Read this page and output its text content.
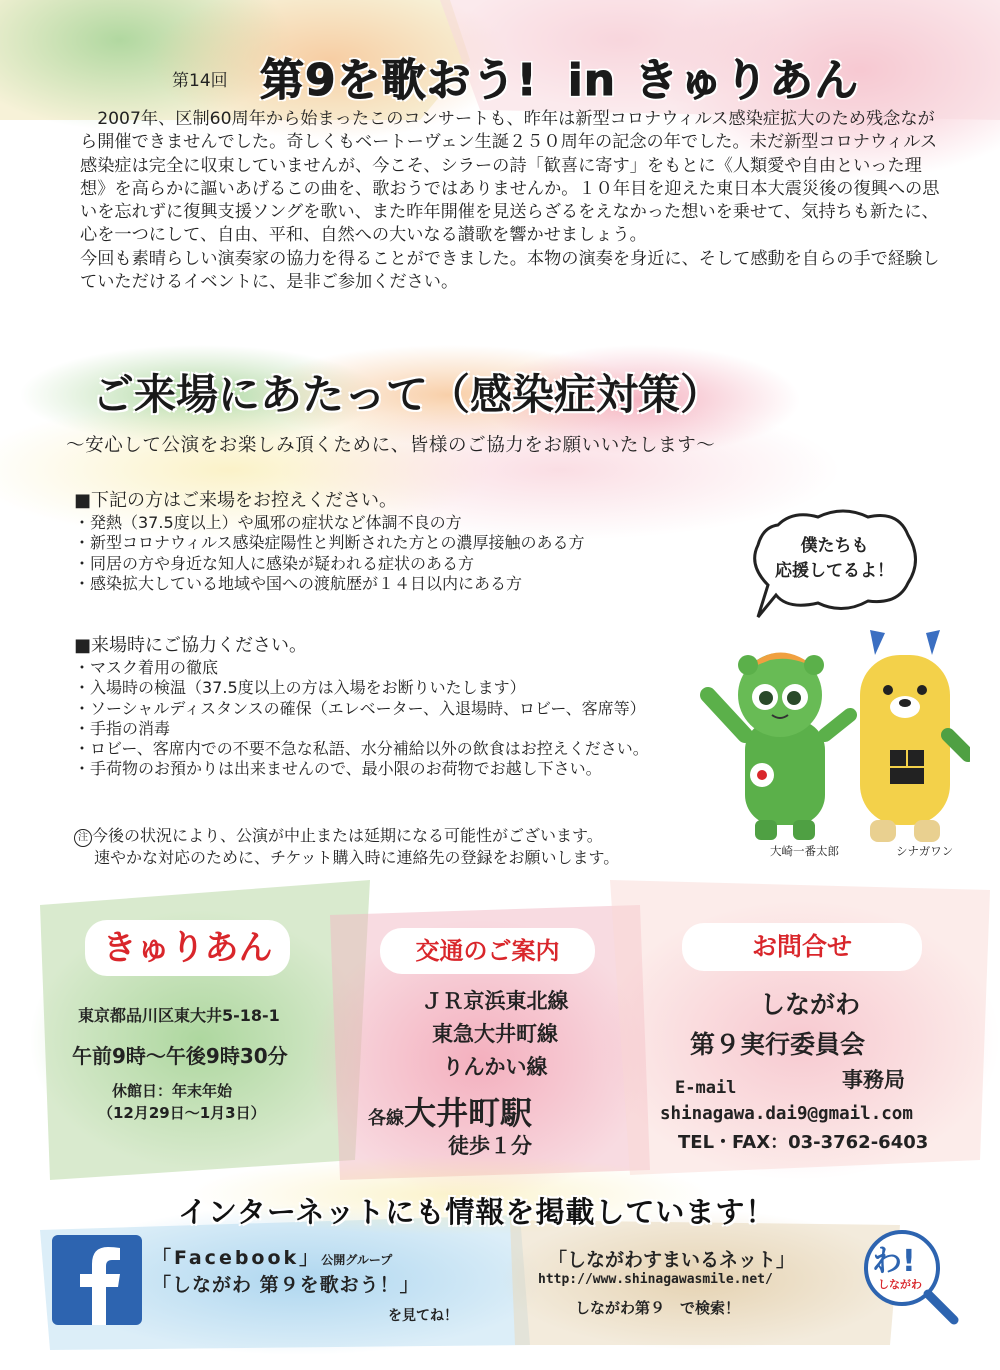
第14回 第9を歌おう! in きゅりあん

　2007年、区制60周年から始まったこのコンサートも、昨年は新型コロナウィルス感染症拡大のため残念ながら開催できませんでした。奇しくもベートーヴェン生誕２５０周年の記念の年でした。未だ新型コロナウィルス感染症は完全に収束していませんが、今こそ、シラーの詩「歓喜に寄す」をもとに《人類愛や自由といった理想》を高らかに謳いあげるこの曲を、歌おうではありませんか。１０年目を迎えた東日本大震災後の復興への思いを忘れずに復興支援ソングを歌い、また昨年開催を見送らざるをえなかった想いを乗せて、気持ちも新たに、心を一つにして、自由、平和、自然への大いなる讃歌を響かせましょう。

今回も素晴らしい演奏家の協力を得ることができました。本物の演奏を身近に、そして感動を自らの手で経験していただけるイベントに、是非ご参加ください。

ご来場にあたって（感染症対策）
～安心して公演をお楽しみ頂くために、皆様のご協力をお願いいたします～
■下記の方はご来場をお控えください。
・発熱（37.5度以上）や風邪の症状など体調不良の方
・新型コロナウィルス感染症陽性と判断された方との濃厚接触のある方
・同居の方や身近な知人に感染が疑われる症状のある方
・感染拡大している地域や国への渡航歴が１４日以内にある方
■来場時にご協力ください。
・マスク着用の徹底
・入場時の検温（37.5度以上の方は入場をお断りいたします）
・ソーシャルディスタンスの確保（エレベーター、入退場時、ロビー、客席等）
・手指の消毒
・ロビー、客席内での不要不急な私語、水分補給以外の飲食はお控えください。
・手荷物のお預かりは出来ませんので、最小限のお荷物でお越し下さい。
注 今後の状況により、公演が中止または延期になる可能性がございます。
速やかな対応のために、チケット購入時に連絡先の登録をお願いします。
僕たちも
応援してるよ！
大崎一番太郎	シナガワン
きゅりあん
東京都品川区東大井5-18-1
午前9時～午後9時30分
休館日：年末年始
（12月29日～1月3日）
交通のご案内
ＪＲ京浜東北線
東急大井町線
りんかい線
各線大井町駅
徒歩１分
お問合せ
しながわ
第９実行委員会
事務局
E-mail
shinagawa.dai9@gmail.com
TEL・FAX：03-3762-6403
インターネットにも情報を掲載しています！
「Facebook」公開グループ
「しながわ 第９を歌おう！」
を見てね！
「しながわすまいるネット」
http://www.shinagawasmile.net/
しながわ第９　で検索！
わ!
しながわ
